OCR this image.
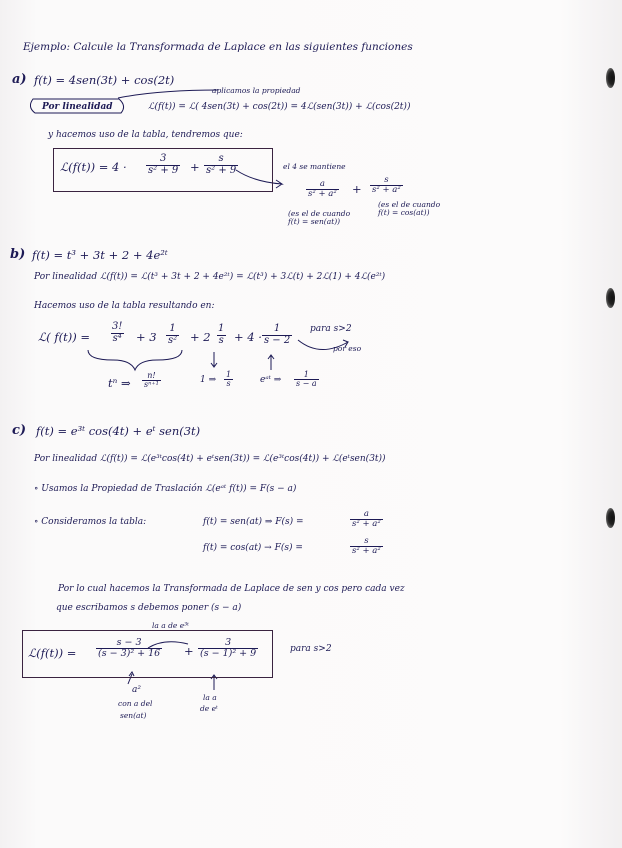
Ejemplo: Calcule la Transformada de Laplace en las siguientes funciones
a) f(t) = 4sen(3t) + cos(2t)
aplicamos la propiedad
Por linealidad	ℒ(f(t)) = ℒ( 4sen(3t) + cos(2t)) = 4ℒ(sen(3t)) + ℒ(cos(2t))
y hacemos uso de la tabla, tendremos que:
ℒ(f(t)) = $4 \cdot \frac{3}{\text{s² + 9}} + \frac{s}{\text{s² + 9}}$	el 4 se mantiene
$\frac{a}{\text{s² + a²}} + \frac{s}{\text{s² + a²}}$
(es el de cuando f(t) = sen(at))
(es el de cuando f(t) = cos(at))
b) f(t) = t³ + 3t + 2 + 4e²ᵗ
Por linealidad ℒ(f(t)) = ℒ(t³ + 3t + 2 + 4e²ᵗ) = ℒ(t³) + 3ℒ(t) + 2ℒ(1) + 4ℒ(e²ᵗ)
Hacemos uso de la tabla resultando en:
ℒ( $f(t)) = \frac{3!}{\text{s⁴}} + 3 \frac{1}{\text{s²}} + 2 \frac{1}{s} + 4 \cdot \frac{1}{s - 2}$ para s>2
por eso
tⁿ ⇒ $\frac{n!}{\text{sⁿ⁺¹}}$	1 ⇒ $\frac{1}{s}$	eᵃᵗ ⇒ $\frac{1}{s - a}$
c) f(t) = e³ᵗ cos(4t) + eᵗ sen(3t)
Por linealidad ℒ(f(t)) = ℒ(e³ᵗcos(4t) + eᵗsen(3t)) = ℒ(e³ᵗcos(4t)) + ℒ(eᵗsen(3t))
∘ Usamos la Propiedad de Traslación ℒ(eᵃᵗ f(t)) = F(s − a)
∘ Consideramos la tabla:	f(t) = sen(at) ⇒ F(s) =	$\frac{a}{\text{s² + a²}}$
f(t) = cos(at) → F(s) =	$\frac{s}{\text{s² + a²}}$
Por lo cual hacemos la Transformada de Laplace de sen y cos pero cada vez
que escribamos s debemos poner (s − a)
la a de e³ᵗ
ℒ(f(t)) = $\frac{s - 3}{\text{(s − 3)² + 16}} + \frac{3}{\text{(s − 1)² + 9}}$	para s>2
a²
con a del
sen(at)
la a
de eᵗ
